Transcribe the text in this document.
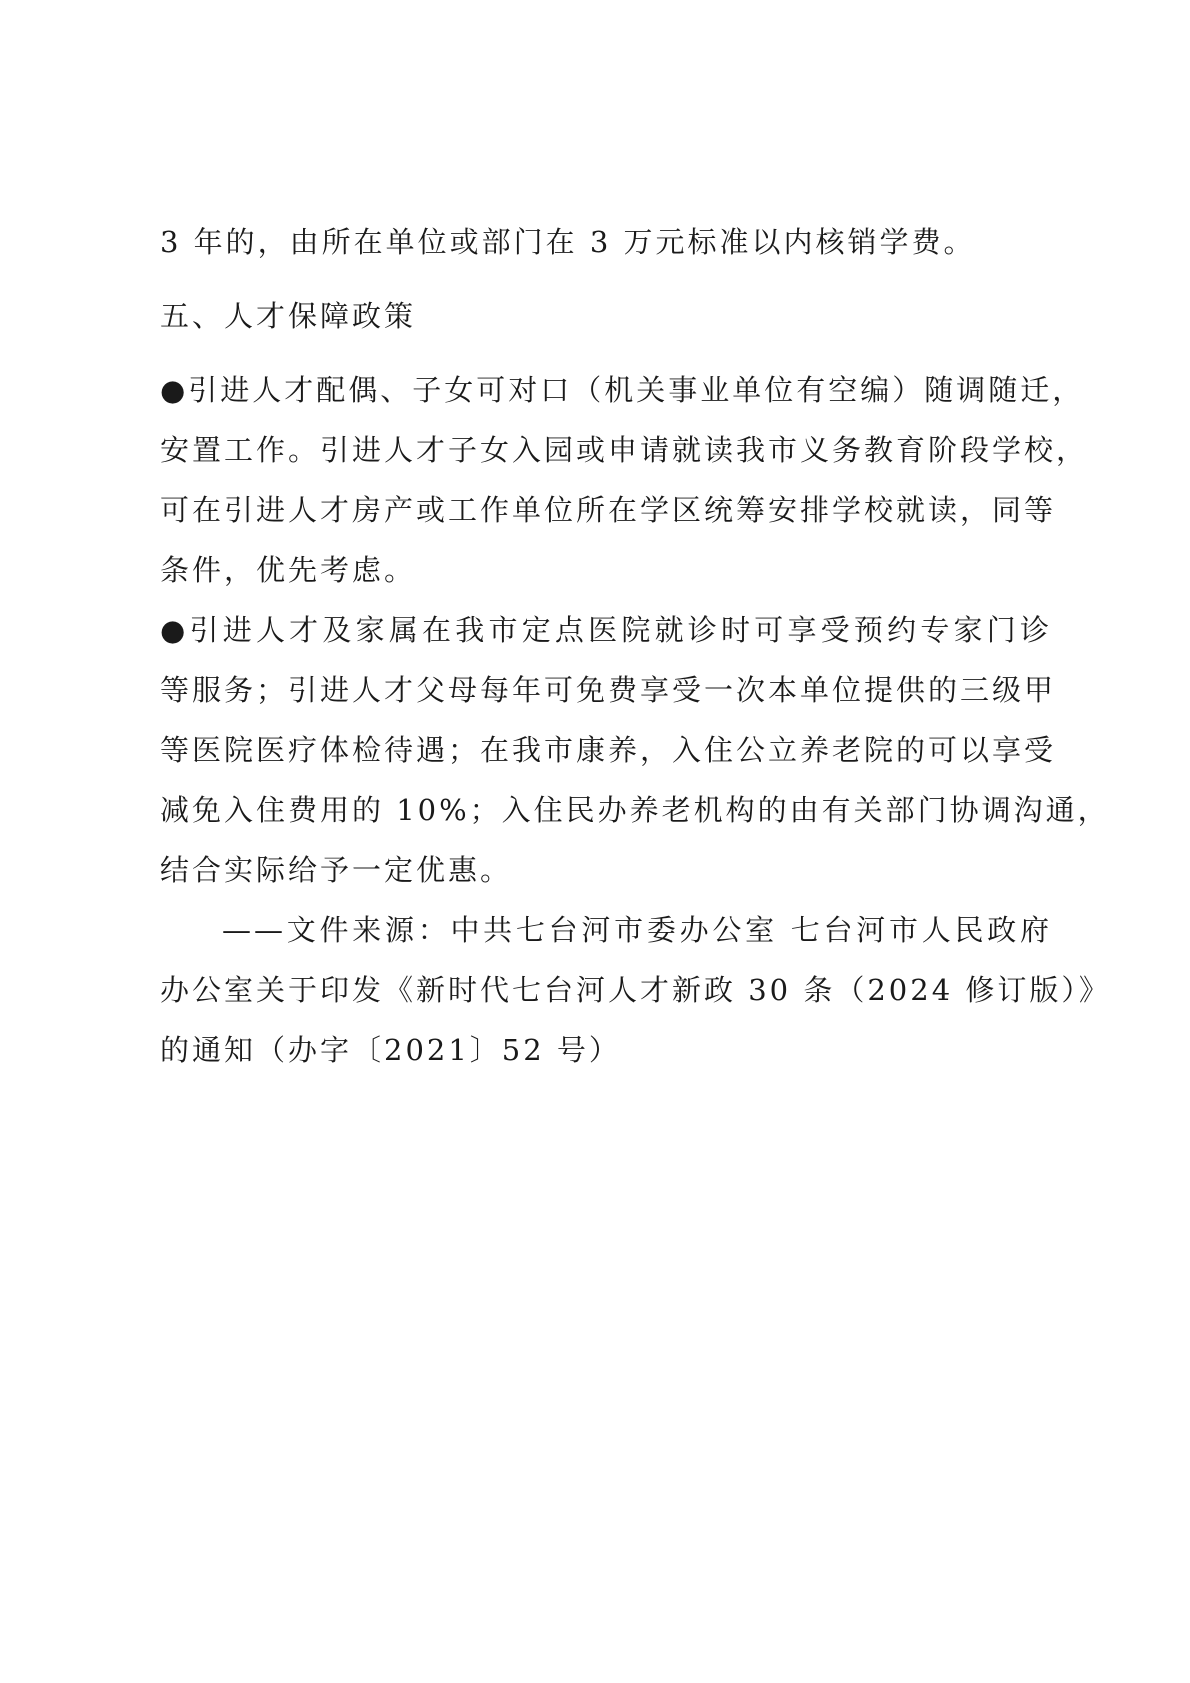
3 年的，由所在单位或部门在 3 万元标准以内核销学费。
五、人才保障政策
●引进人才配偶、子女可对口（机关事业单位有空编）随调随迁，
安置工作。引进人才子女入园或申请就读我市义务教育阶段学校，
可在引进人才房产或工作单位所在学区统筹安排学校就读，同等
条件，优先考虑。
●引进人才及家属在我市定点医院就诊时可享受预约专家门诊
等服务；引进人才父母每年可免费享受一次本单位提供的三级甲
等医院医疗体检待遇；在我市康养，入住公立养老院的可以享受
减免入住费用的 10%；入住民办养老机构的由有关部门协调沟通，
结合实际给予一定优惠。
——文件来源：中共七台河市委办公室 七台河市人民政府
办公室关于印发《新时代七台河人才新政 30 条（2024 修订版）》
的通知（办字〔2021〕52 号）
